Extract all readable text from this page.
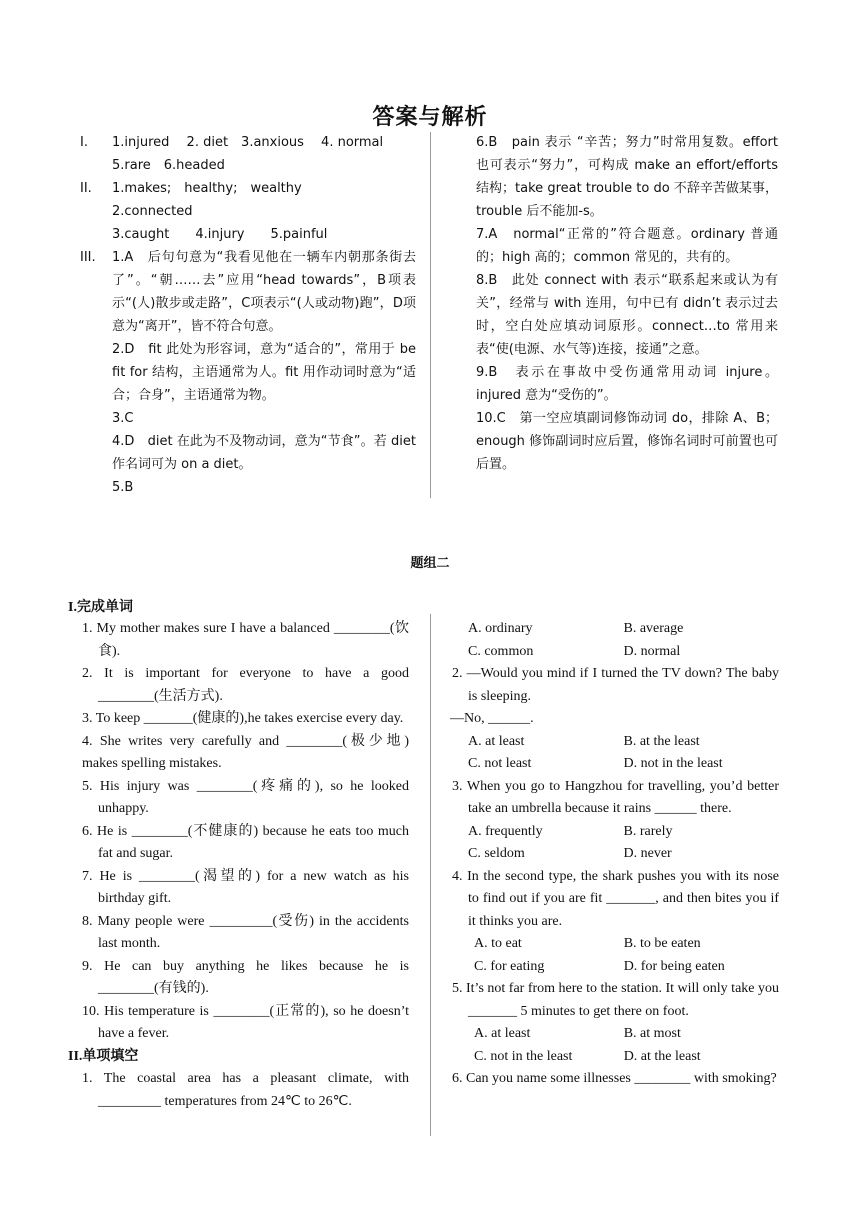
答案与解析
I. 1.injured　 2. diet　3.anxious　 4. normal
5.rare　6.headed
II. 1.makes;　healthy;　wealthy　　　2.connected
3.caught　　4.injury　　5.painful
III. 1.A　后句句意为“我看见他在一辆车内朝那条街去了”。“朝……去”应用“head towards”，B项表示“(人)散步或走路”，C项表示“(人或动物)跑”，D项意为“离开”，皆不符合句意。
2.D　fit 此处为形容词，意为“适合的”，常用于 be fit for 结构，主语通常为人。fit 用作动词时意为“适合；合身”，主语通常为物。
3.C
4.D　diet 在此为不及物动词，意为“节食”。若 diet 作名词可为 on a diet。
5.B
6.B　pain 表示 “辛苦；努力”时常用复数。effort 也可表示“努力”，可构成 make an effort/efforts 结构；take great trouble to do 不辞辛苦做某事，trouble 后不能加-s。
7.A　normal“正常的”符合题意。ordinary 普通的；high 高的；common 常见的，共有的。
8.B　此处 connect with 表示“联系起来或认为有关”，经常与 with 连用，句中已有 didn’t 表示过去时，空白处应填动词原形。connect…to 常用来表“使(电源、水气等)连接，接通”之意。
9.B　表示在事故中受伤通常用动词 injure。injured 意为“受伤的”。
10.C　第一空应填副词修饰动词 do，排除 A、B；enough 修饰副词时应后置，修饰名词时可前置也可后置。
题组二
I.完成单词
1. My mother makes sure I have a balanced ________(饮食).
2. It is important for everyone to have a good ________(生活方式).
3. To keep _______(健康的),he takes exercise every day.
4. She writes very carefully and ________(极少地) makes spelling mistakes.
5. His injury was ________(疼痛的), so he looked unhappy.
6. He is ________(不健康的) because he eats too much fat and sugar.
7. He is ________(渴望的) for a new watch as his birthday gift.
8. Many people were _________(受伤) in the accidents last month.
9. He can buy anything he likes because he is ________(有钱的).
10. His temperature is ________(正常的), so he doesn’t have a fever.
II.单项填空
1. The coastal area has a pleasant climate, with _________ temperatures from 24℃ to 26℃.
A. ordinary	B. average
C. common	D. normal
2. —Would you mind if I turned the TV down? The baby is sleeping.
—No, ______.
A. at least	B. at the least
C. not least	D. not in the least
3. When you go to Hangzhou for travelling, you’d better take an umbrella because it rains ______ there.
A. frequently	B. rarely
C. seldom	D. never
4. In the second type, the shark pushes you with its nose to find out if you are fit _______, and then bites you if it thinks you are.
A. to eat	B. to be eaten
C. for eating	D. for being eaten
5. It’s not far from here to the station. It will only take you _______ 5 minutes to get there on foot.
A. at least	B. at most
C. not in the least	D. at the least
6. Can you name some illnesses ________ with smoking?
